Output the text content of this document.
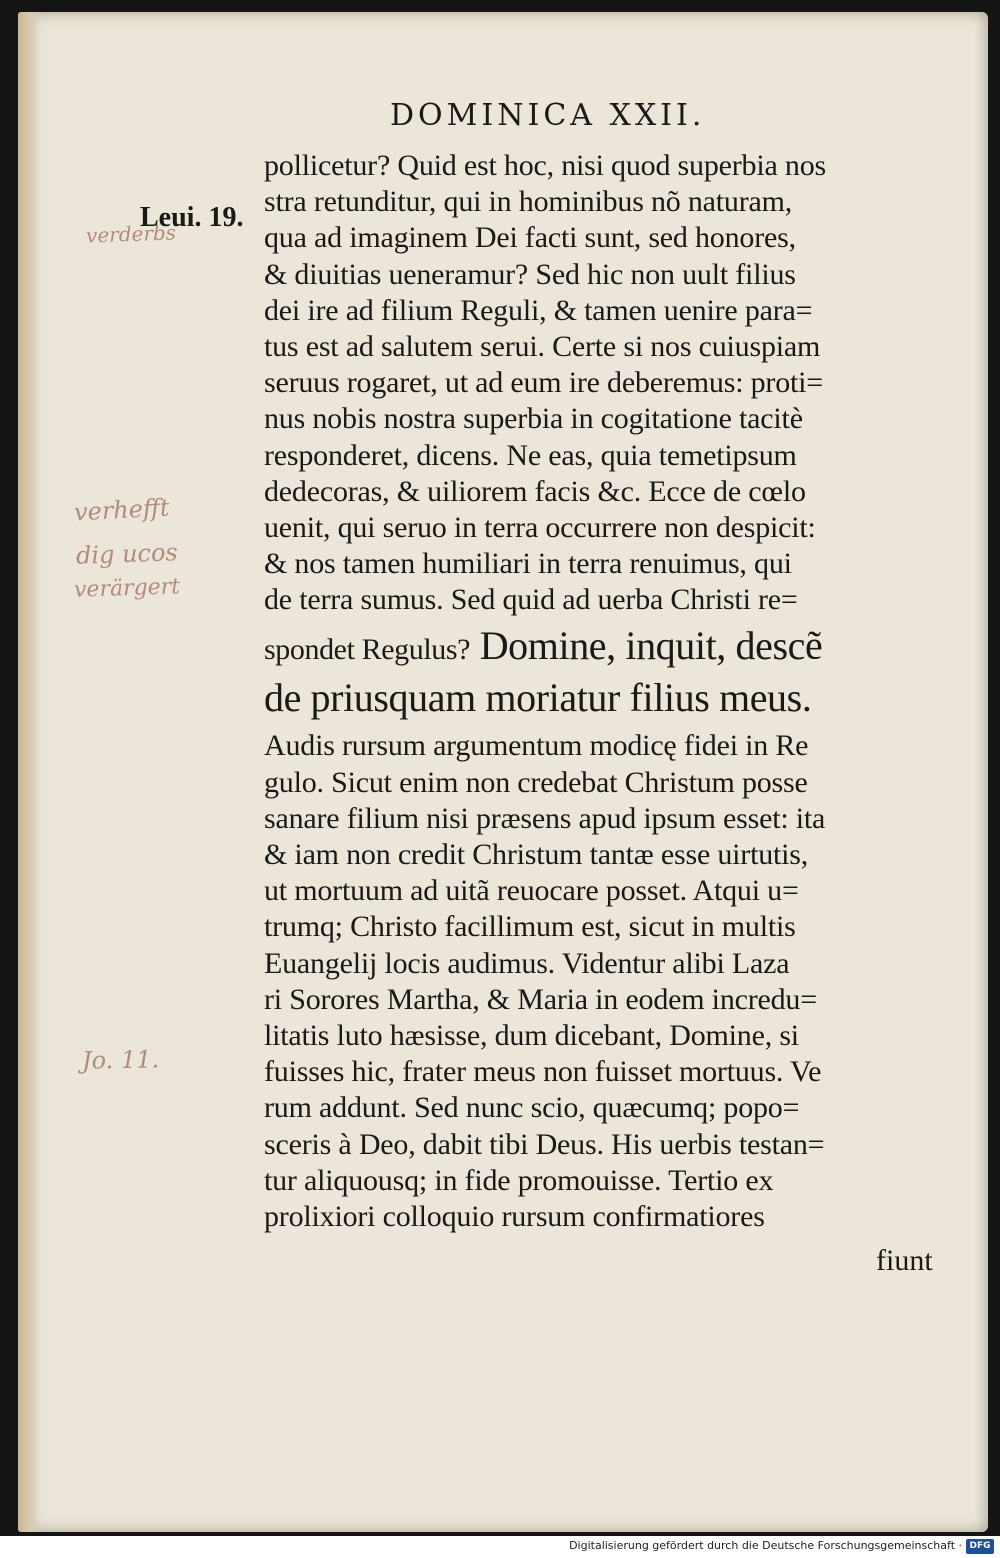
DOMINICA XXII.
Leui. 19.
verderbs
verhefft
dig ucos
verärgert
Jo. 11.
pollicetur? Quid est hoc, nisi quod superbia nos
stra retunditur, qui in hominibus nõ naturam,
qua ad imaginem Dei facti sunt, sed honores,
& diuitias ueneramur? Sed hic non uult filius
dei ire ad filium Reguli, & tamen uenire para=
tus est ad salutem serui. Certe si nos cuiuspiam
seruus rogaret, ut ad eum ire deberemus: proti=
nus nobis nostra superbia in cogitatione tacitè
responderet, dicens. Ne eas, quia temetipsum
dedecoras, & uiliorem facis &c. Ecce de cœlo
uenit, qui seruo in terra occurrere non despicit:
& nos tamen humiliari in terra renuimus, qui
de terra sumus. Sed quid ad uerba Christi re=
spondet Regulus? Domine, inquit, descẽ
de priusquam moriatur filius meus.
Audis rursum argumentum modicę fidei in Re
gulo. Sicut enim non credebat Christum posse
sanare filium nisi præsens apud ipsum esset: ita
& iam non credit Christum tantæ esse uirtutis,
ut mortuum ad uitã reuocare posset. Atqui u=
trumq; Christo facillimum est, sicut in multis
Euangelij locis audimus. Videntur alibi Laza
ri Sorores Martha, & Maria in eodem incredu=
litatis luto hæsisse, dum dicebant, Domine, si
fuisses hic, frater meus non fuisset mortuus. Ve
rum addunt. Sed nunc scio, quæcumq; popo=
sceris à Deo, dabit tibi Deus. His uerbis testan=
tur aliquousq; in fide promouisse. Tertio ex
prolixiori colloquio rursum confirmatiores
fiunt
Digitalisierung gefördert durch die Deutsche Forschungsgemeinschaft · DFG
